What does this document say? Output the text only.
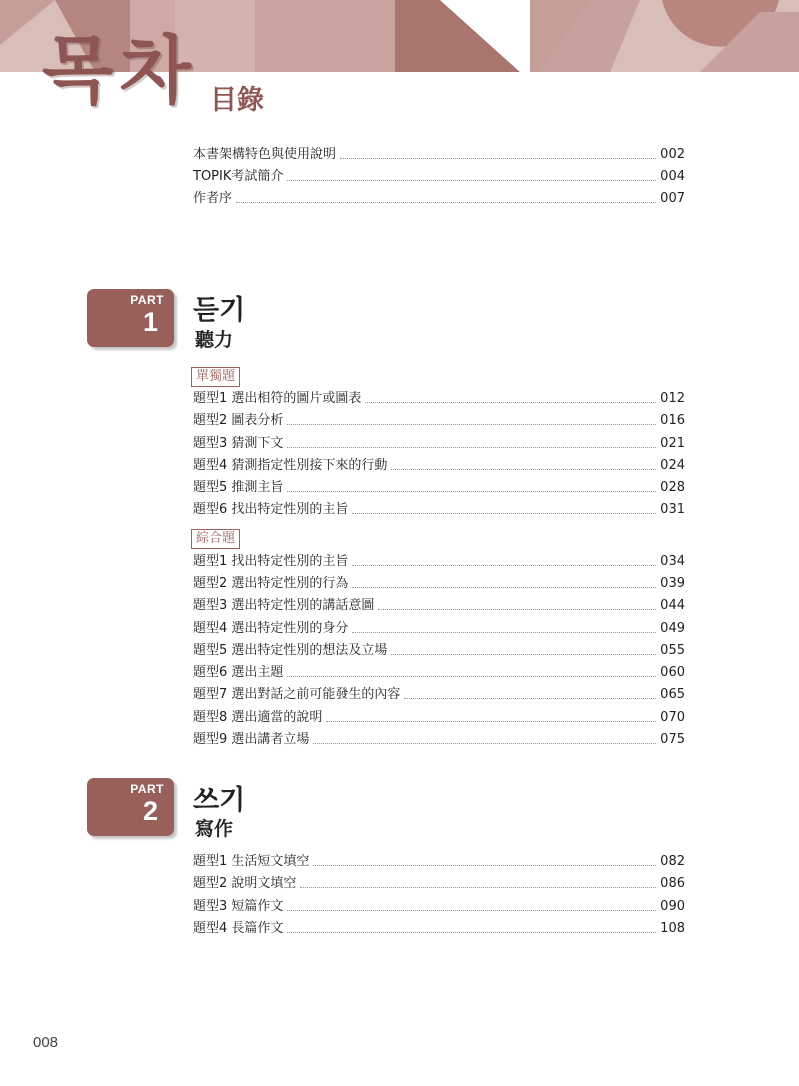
목차 目錄
本書架構特色與使用說明	002
TOPIK考試簡介	004
作者序	007
PART
1 듣기
聽力
單獨題
題型1 選出相符的圖片或圖表	012
題型2 圖表分析	016
題型3 猜測下文	021
題型4 猜測指定性別接下來的行動	024
題型5 推測主旨	028
題型6 找出特定性別的主旨	031
綜合題
題型1 找出特定性別的主旨	034
題型2 選出特定性別的行為	039
題型3 選出特定性別的講話意圖	044
題型4 選出特定性別的身分	049
題型5 選出特定性別的想法及立場	055
題型6 選出主題	060
題型7 選出對話之前可能發生的內容	065
題型8 選出適當的說明	070
題型9 選出講者立場	075
PART
2 쓰기
寫作
題型1 生活短文填空	082
題型2 說明文填空	086
題型3 短篇作文	090
題型4 長篇作文	108
008
